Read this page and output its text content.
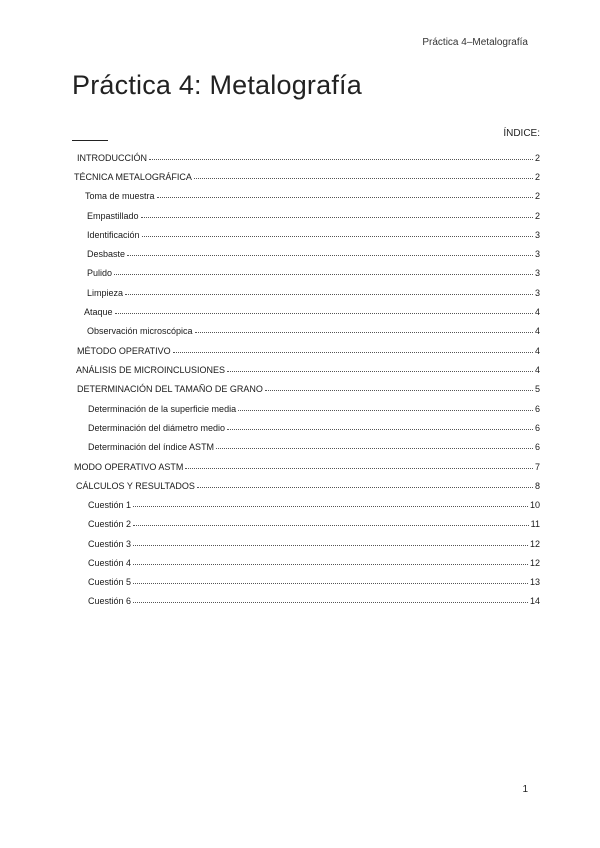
Práctica 4–Metalografía
Práctica 4: Metalografía
ÍNDICE:
INTRODUCCIÓN	2
TÉCNICA METALOGRÁFICA	2
Toma de muestra	2
Empastillado	2
Identificación	3
Desbaste	3
Pulido	3
Limpieza	3
Ataque	4
Observación microscópica	4
MÉTODO OPERATIVO	4
ANÁLISIS DE MICROINCLUSIONES	4
DETERMINACIÓN DEL TAMAÑO DE GRANO	5
Determinación de la superficie media	6
Determinación del diámetro medio	6
Determinación del índice ASTM	6
MODO OPERATIVO ASTM	7
CÁLCULOS Y RESULTADOS	8
Cuestión 1	10
Cuestión 2	11
Cuestión 3	12
Cuestión 4	12
Cuestión 5	13
Cuestión 6	14
1
